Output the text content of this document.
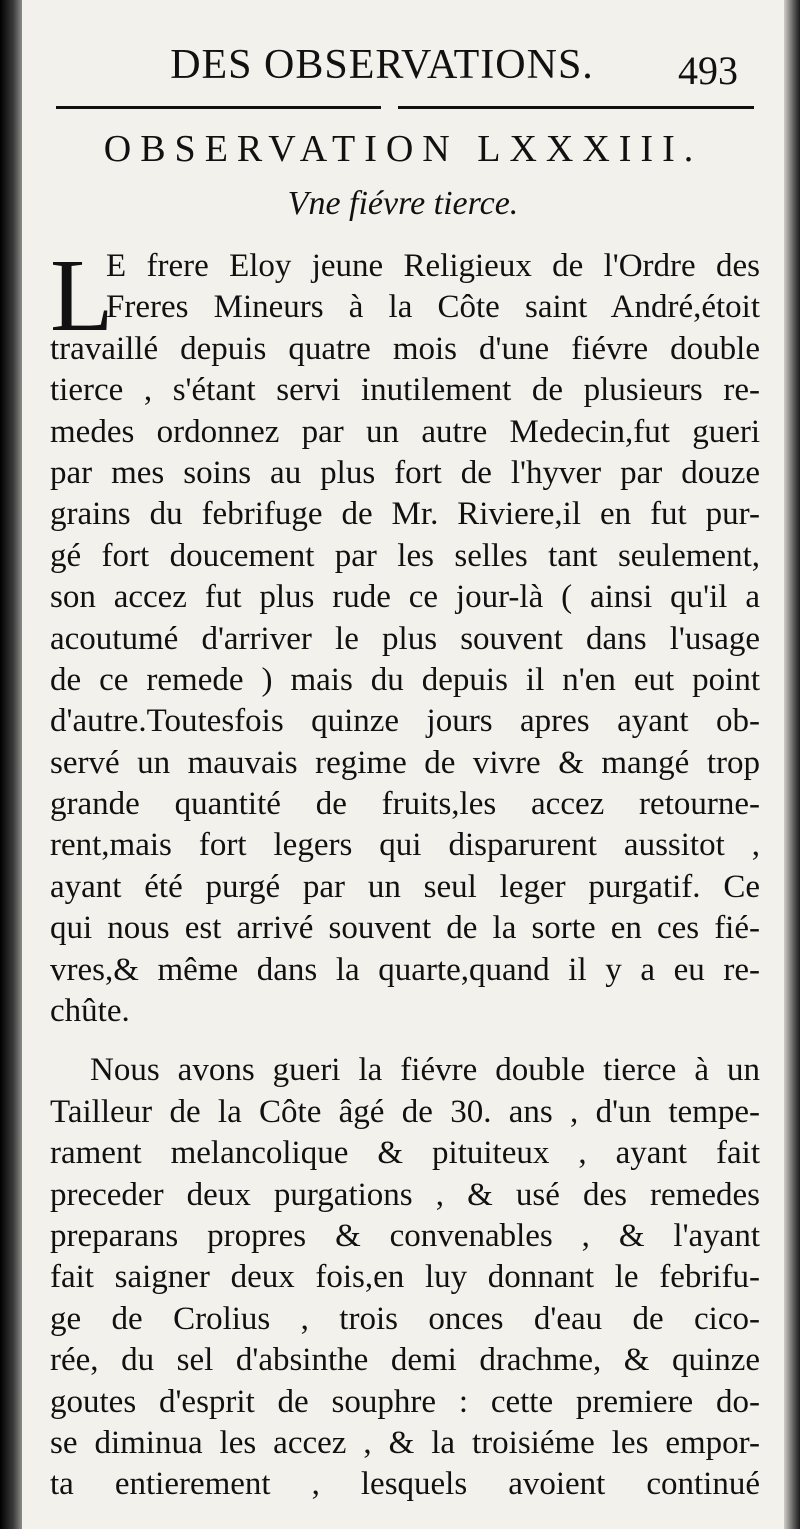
DES OBSERVATIONS.	493
OBSERVATION LXXXIII.
Vne fiévre tierce.
L
E frere Eloy jeune Religieux de l'Ordre des
Freres Mineurs à la Côte saint André,étoit
travaillé depuis quatre mois d'une fiévre double
tierce , s'étant servi inutilement de plusieurs re-
medes ordonnez par un autre Medecin,fut gueri
par mes soins au plus fort de l'hyver par douze
grains du febrifuge de Mr. Riviere,il en fut pur-
gé fort doucement par les selles tant seulement,
son accez fut plus rude ce jour-là ( ainsi qu'il a
acoutumé d'arriver le plus souvent dans l'usage
de ce remede ) mais du depuis il n'en eut point
d'autre.Toutesfois quinze jours apres ayant ob-
servé un mauvais regime de vivre & mangé trop
grande quantité de fruits,les accez retourne-
rent,mais fort legers qui disparurent aussitot ,
ayant été purgé par un seul leger purgatif. Ce
qui nous est arrivé souvent de la sorte en ces fié-
vres,& même dans la quarte,quand il y a eu re-
chûte.
Nous avons gueri la fiévre double tierce à un
Tailleur de la Côte âgé de 30. ans , d'un tempe-
rament melancolique & pituiteux , ayant fait
preceder deux purgations , & usé des remedes
preparans propres & convenables , & l'ayant
fait saigner deux fois,en luy donnant le febrifu-
ge de Crolius , trois onces d'eau de cico-
rée, du sel d'absinthe demi drachme, & quinze
goutes d'esprit de souphre : cette premiere do-
se diminua les accez , & la troisiéme les empor-
ta entierement , lesquels avoient continué
